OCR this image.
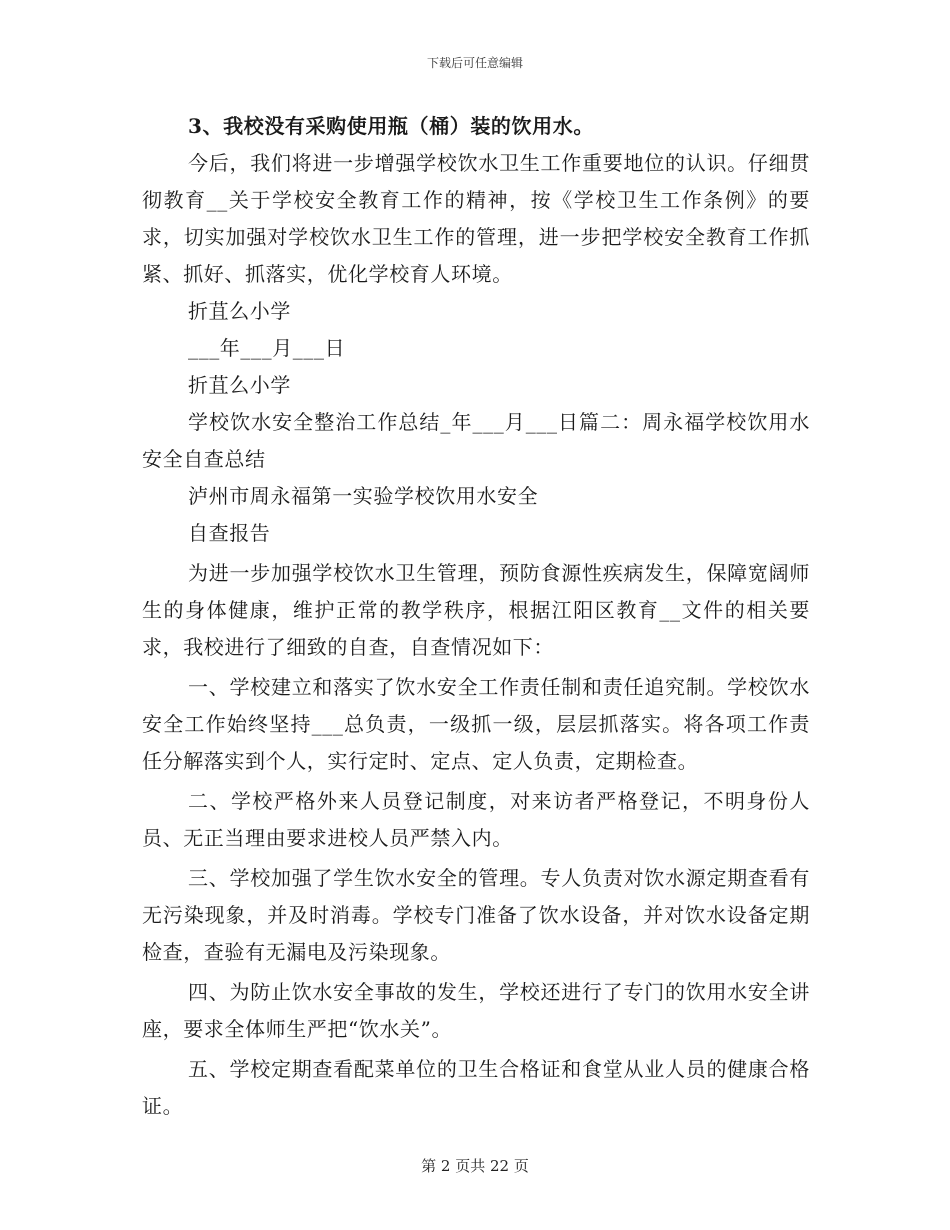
下载后可任意编辑

3、我校没有采购使用瓶（桶）装的饮用水。

今后，我们将进一步增强学校饮水卫生工作重要地位的认识。仔细贯彻教育__关于学校安全教育工作的精神，按《学校卫生工作条例》的要求，切实加强对学校饮水卫生工作的管理，进一步把学校安全教育工作抓紧、抓好、抓落实，优化学校育人环境。

折苴么小学

___年___月___日

折苴么小学

学校饮水安全整治工作总结_年___月___日篇二：周永福学校饮用水安全自查总结

泸州市周永福第一实验学校饮用水安全

自查报告

为进一步加强学校饮水卫生管理，预防食源性疾病发生，保障宽阔师生的身体健康，维护正常的教学秩序，根据江阳区教育__文件的相关要求，我校进行了细致的自查，自查情况如下：

一、学校建立和落实了饮水安全工作责任制和责任追究制。学校饮水安全工作始终坚持___总负责，一级抓一级，层层抓落实。将各项工作责任分解落实到个人，实行定时、定点、定人负责，定期检查。

二、学校严格外来人员登记制度，对来访者严格登记，不明身份人员、无正当理由要求进校人员严禁入内。

三、学校加强了学生饮水安全的管理。专人负责对饮水源定期查看有无污染现象，并及时消毒。学校专门准备了饮水设备，并对饮水设备定期检查，查验有无漏电及污染现象。

四、为防止饮水安全事故的发生，学校还进行了专门的饮用水安全讲座，要求全体师生严把“饮水关”。

五、学校定期查看配菜单位的卫生合格证和食堂从业人员的健康合格证。

第 2 页共 22 页
